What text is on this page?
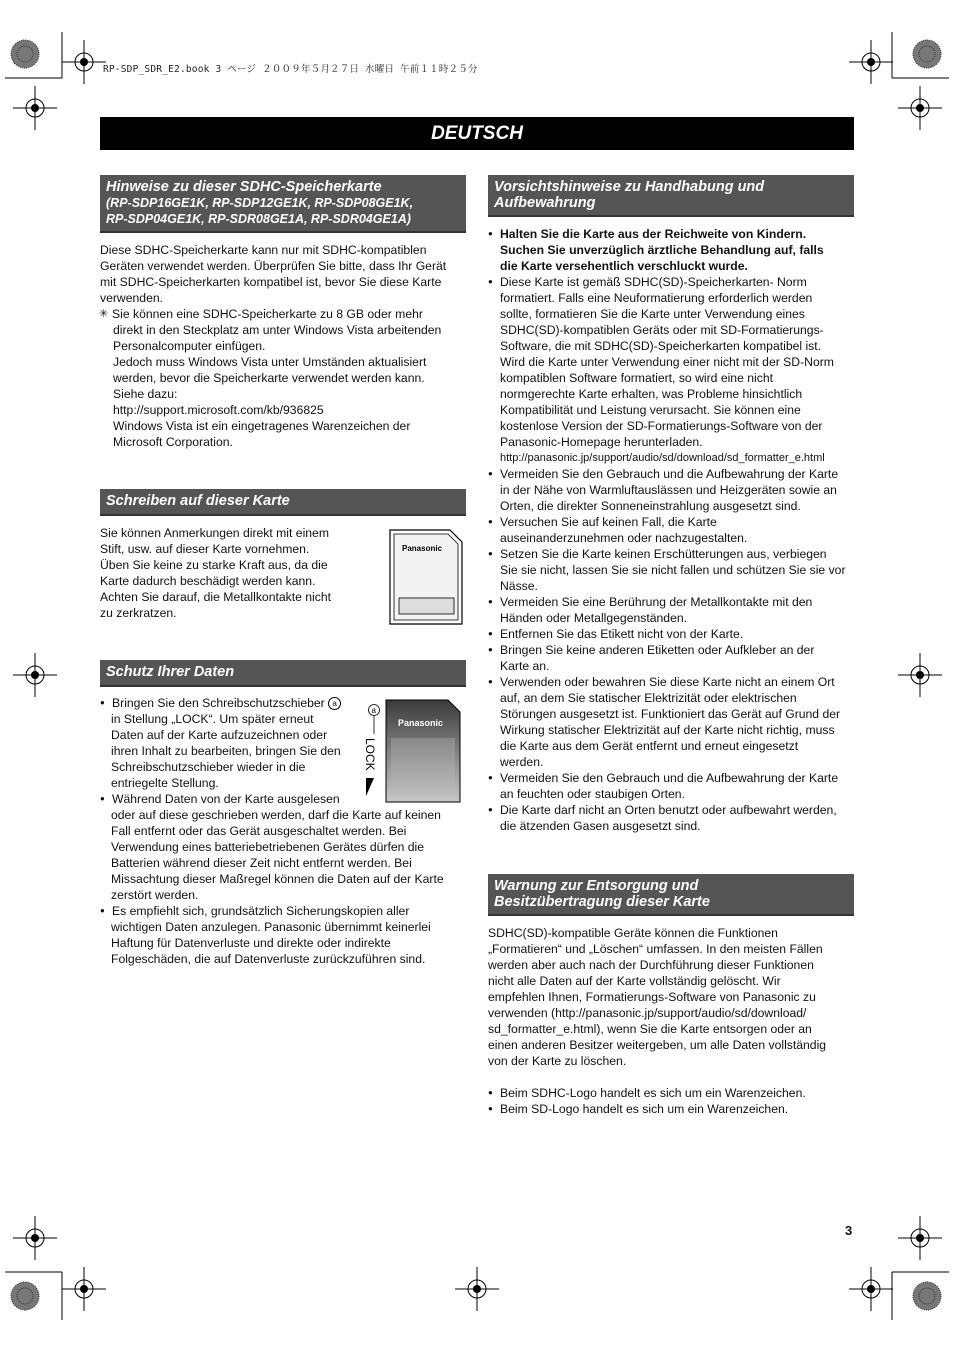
RP-SDP_SDR_E2.book 3 ページ ２００９年５月２７日 水曜日 午前１１時２５分
DEUTSCH
Hinweise zu dieser SDHC-Speicherkarte
(RP-SDP16GE1K, RP-SDP12GE1K, RP-SDP08GE1K,
RP-SDP04GE1K, RP-SDR08GE1A, RP-SDR04GE1A)

Diese SDHC-Speicherkarte kann nur mit SDHC-kompatiblen

Geräten verwendet werden. Überprüfen Sie bitte, dass Ihr Gerät

mit SDHC-Speicherkarten kompatibel ist, bevor Sie diese Karte

verwenden.

✳ Sie können eine SDHC-Speicherkarte zu 8 GB oder mehr

direkt in den Steckplatz am unter Windows Vista arbeitenden

Personalcomputer einfügen.

Jedoch muss Windows Vista unter Umständen aktualisiert

werden, bevor die Speicherkarte verwendet werden kann.

Siehe dazu:

http://support.microsoft.com/kb/936825

Windows Vista ist ein eingetragenes Warenzeichen der

Microsoft Corporation.

Schreiben auf dieser Karte

Sie können Anmerkungen direkt mit einem

Stift, usw. auf dieser Karte vornehmen.

Üben Sie keine zu starke Kraft aus, da die

Karte dadurch beschädigt werden kann.

Achten Sie darauf, die Metallkontakte nicht

zu zerkratzen.

Panasonic
Schutz Ihrer Daten

● Bringen Sie den Schreibschutzschieber a

in Stellung „LOCK“. Um später erneut

Daten auf der Karte aufzuzeichnen oder

ihren Inhalt zu bearbeiten, bringen Sie den

Schreibschutzschieber wieder in die

entriegelte Stellung.

● Während Daten von der Karte ausgelesen

oder auf diese geschrieben werden, darf die Karte auf keinen

Fall entfernt oder das Gerät ausgeschaltet werden. Bei

Verwendung eines batteriebetriebenen Gerätes dürfen die

Batterien während dieser Zeit nicht entfernt werden. Bei

Missachtung dieser Maßregel können die Daten auf der Karte

zerstört werden.

● Es empfiehlt sich, grundsätzlich Sicherungskopien aller

wichtigen Daten anzulegen. Panasonic übernimmt keinerlei

Haftung für Datenverluste und direkte oder indirekte

Folgeschäden, die auf Datenverluste zurückzuführen sind.

Panasonic
a
LOCK
Vorsichtshinweise zu Handhabung und
Aufbewahrung

● Halten Sie die Karte aus der Reichweite von Kindern.

Suchen Sie unverzüglich ärztliche Behandlung auf, falls

die Karte versehentlich verschluckt wurde.

● Diese Karte ist gemäß SDHC(SD)-Speicherkarten- Norm

formatiert. Falls eine Neuformatierung erforderlich werden

sollte, formatieren Sie die Karte unter Verwendung eines

SDHC(SD)-kompatiblen Geräts oder mit SD-Formatierungs-

Software, die mit SDHC(SD)-Speicherkarten kompatibel ist.

Wird die Karte unter Verwendung einer nicht mit der SD-Norm

kompatiblen Software formatiert, so wird eine nicht

normgerechte Karte erhalten, was Probleme hinsichtlich

Kompatibilität und Leistung verursacht. Sie können eine

kostenlose Version der SD-Formatierungs-Software von der

Panasonic-Homepage herunterladen.

http://panasonic.jp/support/audio/sd/download/sd_formatter_e.html

● Vermeiden Sie den Gebrauch und die Aufbewahrung der Karte

in der Nähe von Warmluftauslässen und Heizgeräten sowie an

Orten, die direkter Sonneneinstrahlung ausgesetzt sind.

● Versuchen Sie auf keinen Fall, die Karte

auseinanderzunehmen oder nachzugestalten.

● Setzen Sie die Karte keinen Erschütterungen aus, verbiegen

Sie sie nicht, lassen Sie sie nicht fallen und schützen Sie sie vor

Nässe.

● Vermeiden Sie eine Berührung der Metallkontakte mit den

Händen oder Metallgegenständen.

● Entfernen Sie das Etikett nicht von der Karte.

● Bringen Sie keine anderen Etiketten oder Aufkleber an der

Karte an.

● Verwenden oder bewahren Sie diese Karte nicht an einem Ort

auf, an dem Sie statischer Elektrizität oder elektrischen

Störungen ausgesetzt ist. Funktioniert das Gerät auf Grund der

Wirkung statischer Elektrizität auf der Karte nicht richtig, muss

die Karte aus dem Gerät entfernt und erneut eingesetzt

werden.

● Vermeiden Sie den Gebrauch und die Aufbewahrung der Karte

an feuchten oder staubigen Orten.

● Die Karte darf nicht an Orten benutzt oder aufbewahrt werden,

die ätzenden Gasen ausgesetzt sind.

Warnung zur Entsorgung und
Besitzübertragung dieser Karte

SDHC(SD)-kompatible Geräte können die Funktionen

„Formatieren“ und „Löschen“ umfassen. In den meisten Fällen

werden aber auch nach der Durchführung dieser Funktionen

nicht alle Daten auf der Karte vollständig gelöscht. Wir

empfehlen Ihnen, Formatierungs-Software von Panasonic zu

verwenden (http://panasonic.jp/support/audio/sd/download/

sd_formatter_e.html), wenn Sie die Karte entsorgen oder an

einen anderen Besitzer weitergeben, um alle Daten vollständig

von der Karte zu löschen.

● Beim SDHC-Logo handelt es sich um ein Warenzeichen.

● Beim SD-Logo handelt es sich um ein Warenzeichen.

3
